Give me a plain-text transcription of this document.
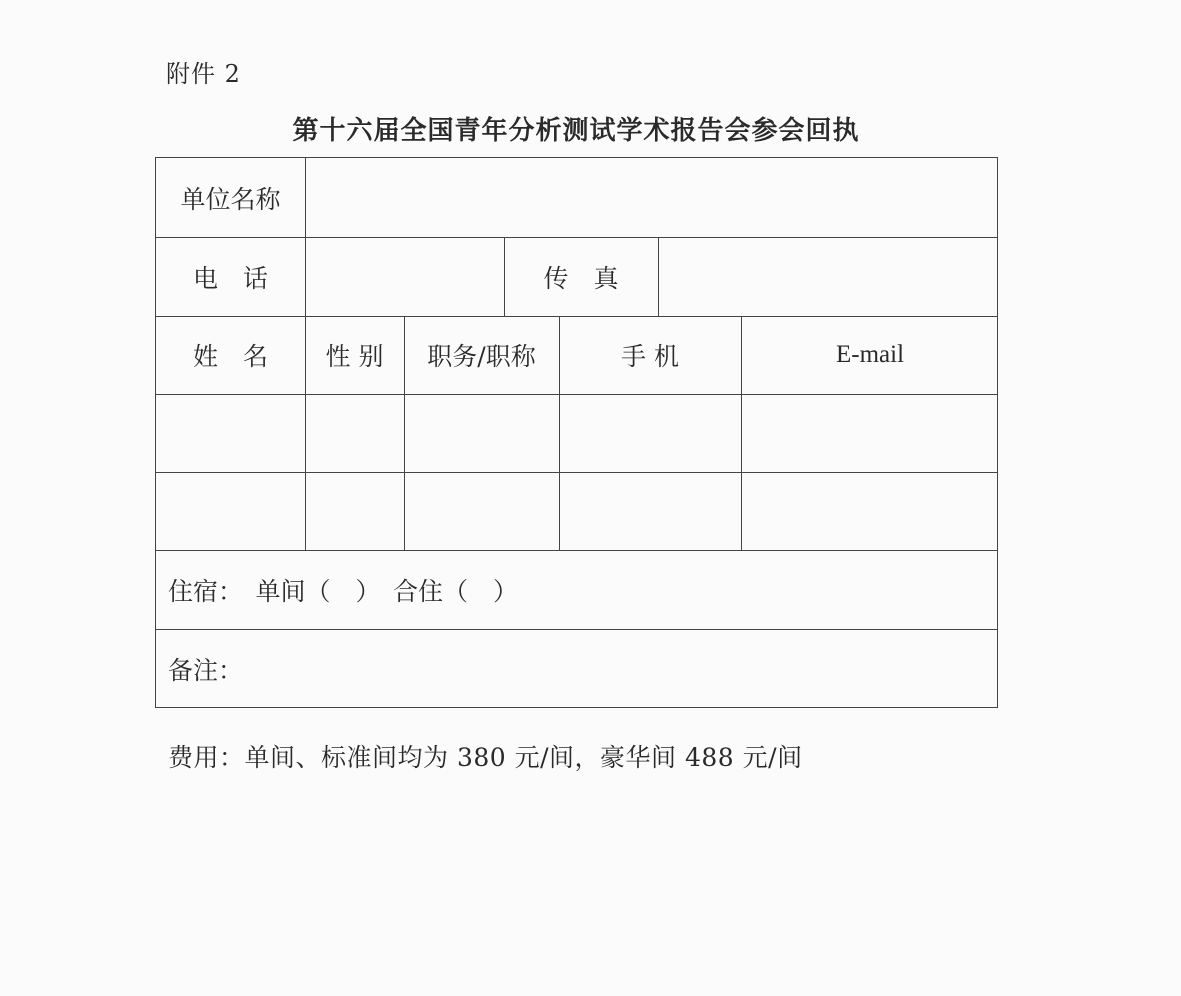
附件 2
第十六届全国青年分析测试学术报告会参会回执
单位名称
电　话	传　真
姓　名	性 别	职务/职称	手 机	E-mail
住宿：　单间（　）　合住（　）
备注：
费用：单间、标准间均为 380 元/间，豪华间 488 元/间
